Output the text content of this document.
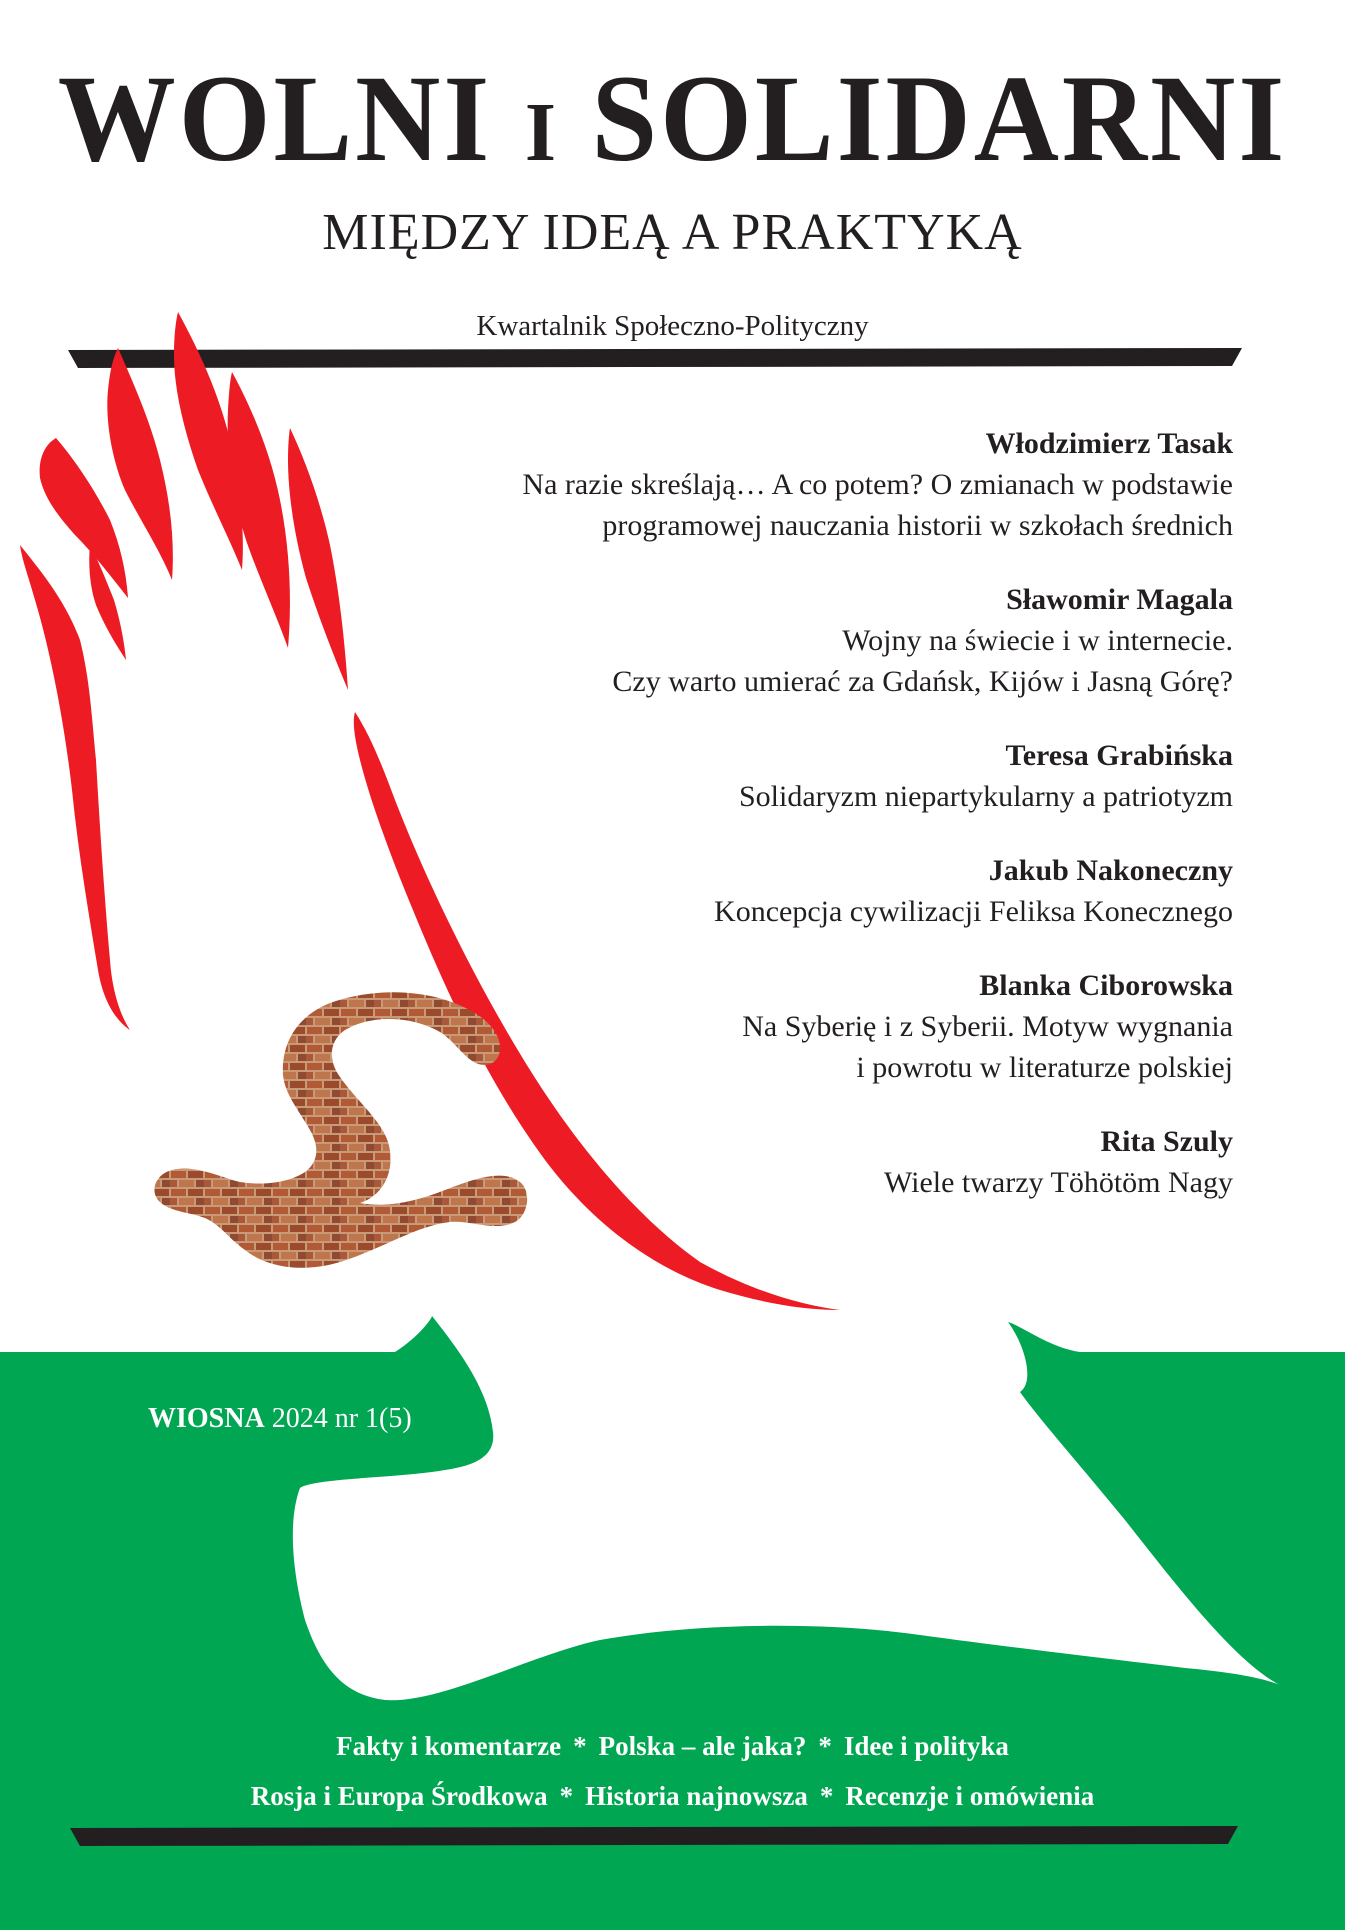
WOLNI I SOLIDARNI
MIĘDZY IDEĄ A PRAKTYKĄ
Kwartalnik Społeczno-Polityczny
Włodzimierz Tasak
Na razie skreślają… A co potem? O zmianach w podstawie
programowej nauczania historii w szkołach średnich
Sławomir Magala
Wojny na świecie i w internecie.
Czy warto umierać za Gdańsk, Kijów i Jasną Górę?
Teresa Grabińska
Solidaryzm niepartykularny a patriotyzm
Jakub Nakoneczny
Koncepcja cywilizacji Feliksa Konecznego
Blanka Ciborowska
Na Syberię i z Syberii. Motyw wygnania
i powrotu w literaturze polskiej
Rita Szuly
Wiele twarzy Töhötöm Nagy
WIOSNA 2024 nr 1(5)
Fakty i komentarze * Polska – ale jaka? * Idee i polityka
Rosja i Europa Środkowa * Historia najnowsza * Recenzje i omówienia
